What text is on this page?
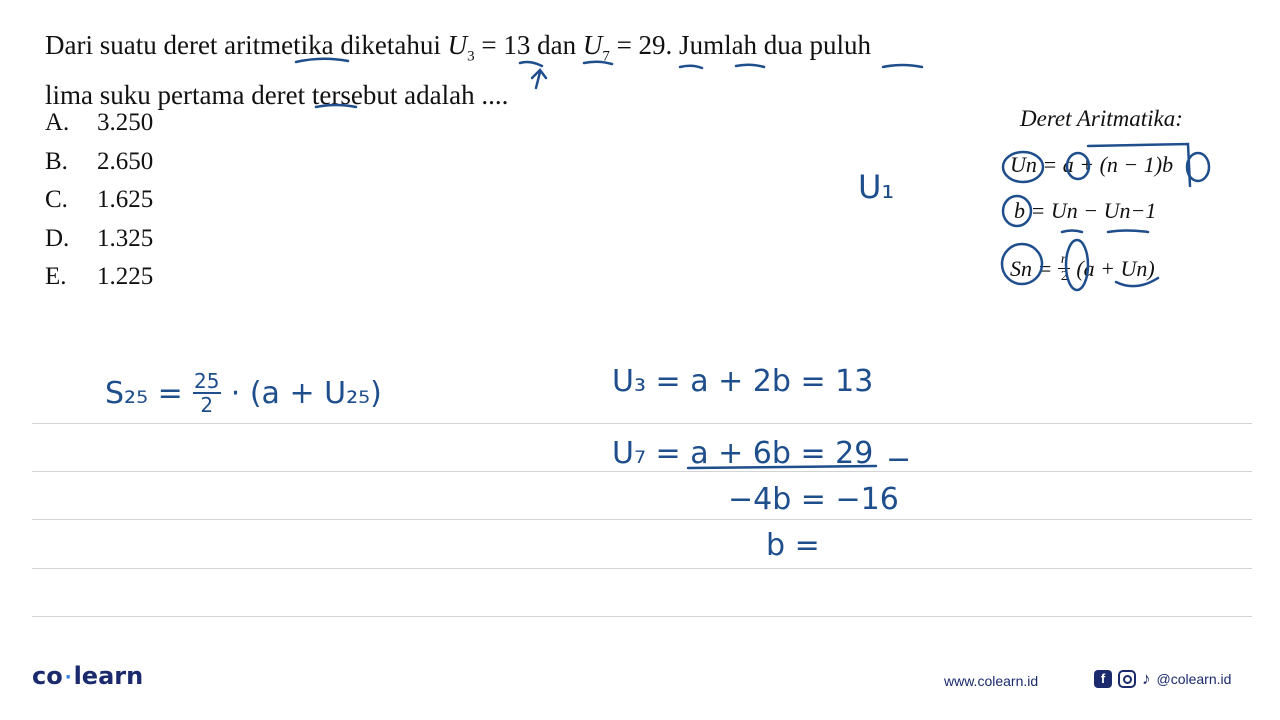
Dari suatu deret aritmetika diketahui $U_3 = 13$ dan $U_7 = 29$. Jumlah dua puluh
lima suku pertama deret tersebut adalah ....
A.	3.250
B.	2.650
C.	1.625
D.	1.325
E.	1.225
Deret Aritmatika:
Un = a + (n − 1)b
b = Un − Un−1
$Sn = \frac{n}{2} (a + Un)$
U₁
$S_{25} = \frac{25}{2} \cdot (a + U_{25})$	U₃ = a + 2b = 13
U₇ = a + 6b = 29 −
−4b = −16
b =
co ·learn	www.colearn.id	f	♪ @colearn.id
